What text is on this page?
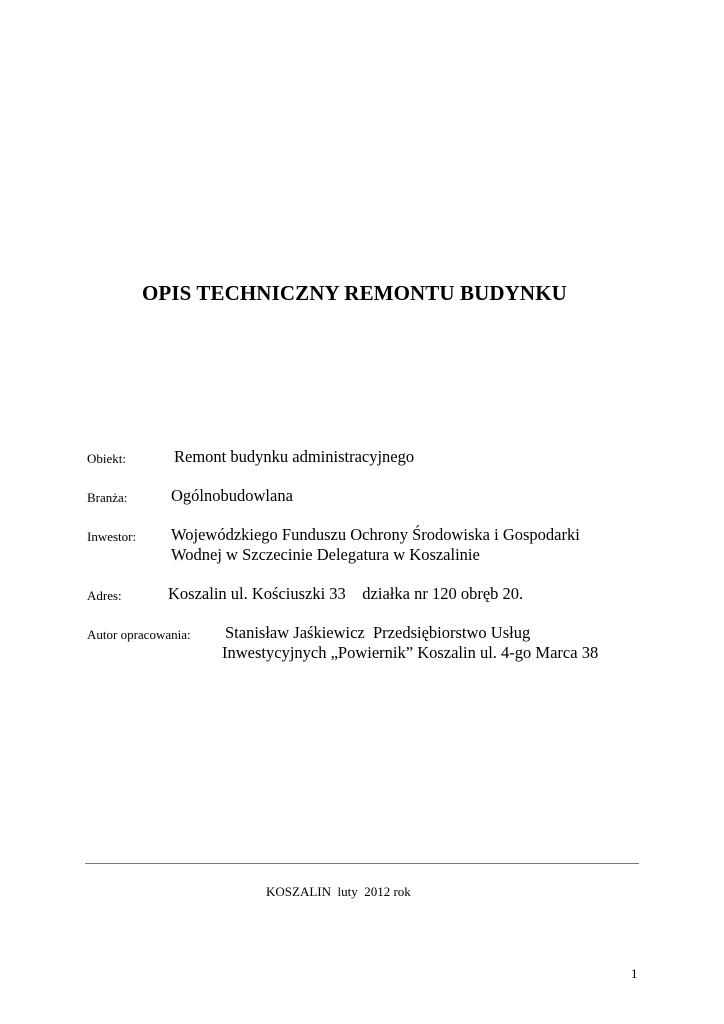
OPIS TECHNICZNY REMONTU BUDYNKU
Obiekt:	Remont budynku administracyjnego
Branża:	Ogólnobudowlana
Inwestor: Wojewódzkiego Funduszu Ochrony Środowiska i Gospodarki
Wodnej w Szczecinie Delegatura w Koszalinie
Adres:	Koszalin ul. Kościuszki 33    działka nr 120 obręb 20.
Autor opracowania: Stanisław Jaśkiewicz  Przedsiębiorstwo Usług
Inwestycyjnych „Powiernik” Koszalin ul. 4-go Marca 38
KOSZALIN  luty  2012 rok
1
